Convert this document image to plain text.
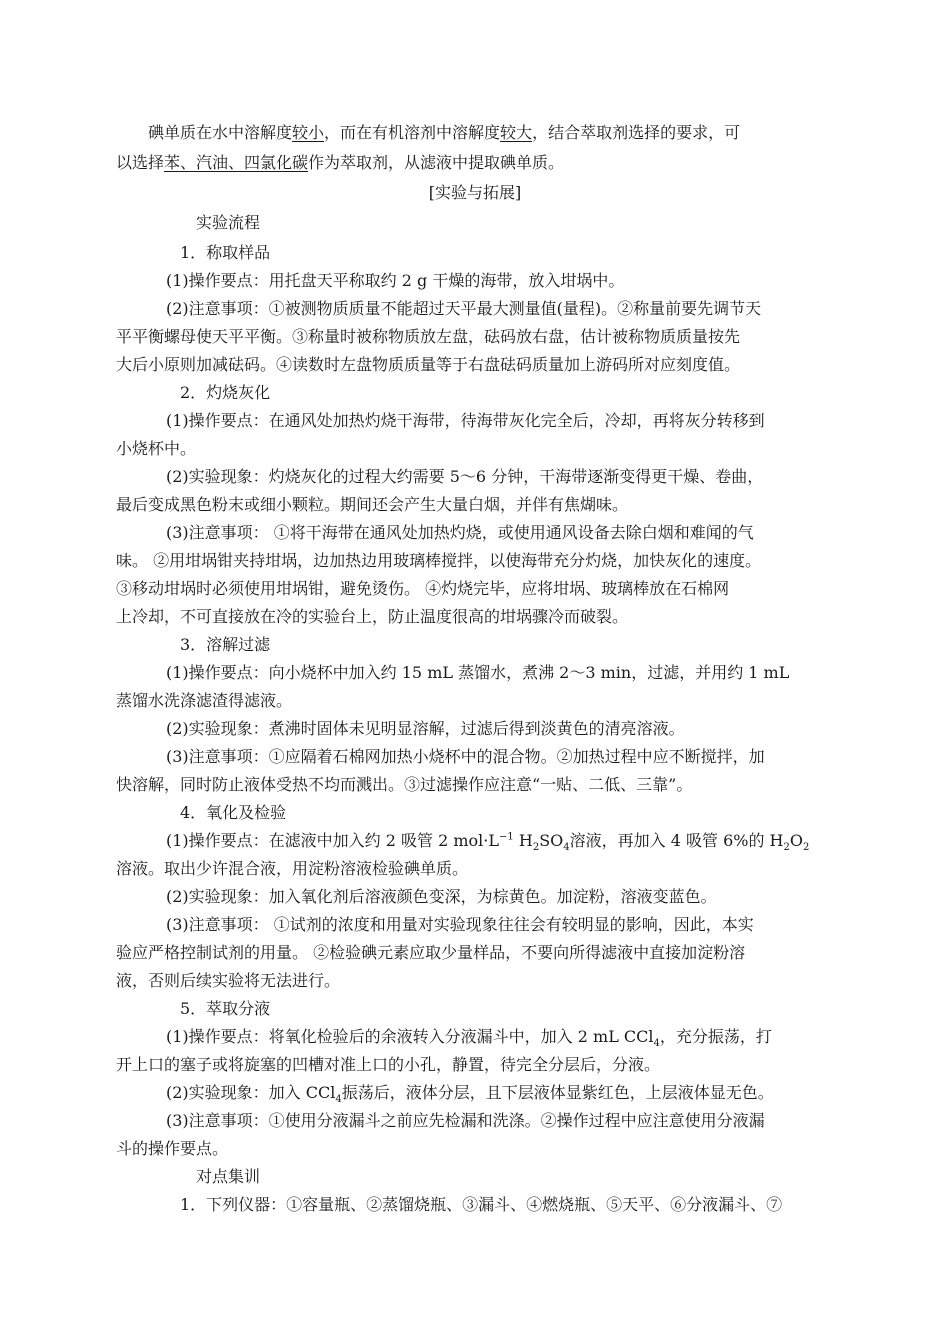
碘单质在水中溶解度较小，而在有机溶剂中溶解度较大，结合萃取剂选择的要求，可
以选择苯、汽油、四氯化碳作为萃取剂，从滤液中提取碘单质。
[实验与拓展]
实验流程
1．称取样品
(1)操作要点：用托盘天平称取约 2 g 干燥的海带，放入坩埚中。
(2)注意事项：①被测物质质量不能超过天平最大测量值(量程)。②称量前要先调节天
平平衡螺母使天平平衡。③称量时被称物质放左盘，砝码放右盘，估计被称物质质量按先
大后小原则加减砝码。④读数时左盘物质质量等于右盘砝码质量加上游码所对应刻度值。
2．灼烧灰化
(1)操作要点：在通风处加热灼烧干海带，待海带灰化完全后，冷却，再将灰分转移到
小烧杯中。
(2)实验现象：灼烧灰化的过程大约需要 5～6 分钟，干海带逐渐变得更干燥、卷曲，
最后变成黑色粉末或细小颗粒。期间还会产生大量白烟，并伴有焦煳味。
(3)注意事项： ①将干海带在通风处加热灼烧，或使用通风设备去除白烟和难闻的气
味。 ②用坩埚钳夹持坩埚，边加热边用玻璃棒搅拌，以使海带充分灼烧，加快灰化的速度。
③移动坩埚时必须使用坩埚钳，避免烫伤。 ④灼烧完毕，应将坩埚、玻璃棒放在石棉网
上冷却，不可直接放在冷的实验台上，防止温度很高的坩埚骤冷而破裂。
3．溶解过滤
(1)操作要点：向小烧杯中加入约 15 mL 蒸馏水，煮沸 2～3 min，过滤，并用约 1 mL
蒸馏水洗涤滤渣得滤液。
(2)实验现象：煮沸时固体未见明显溶解，过滤后得到淡黄色的清亮溶液。
(3)注意事项：①应隔着石棉网加热小烧杯中的混合物。②加热过程中应不断搅拌，加
快溶解，同时防止液体受热不均而溅出。③过滤操作应注意“一贴、二低、三靠”。
4．氧化及检验
(1)操作要点：在滤液中加入约 2 吸管 2 $mol\cdot L^{-1}$ $H_2SO_4$溶液，再加入 4 吸管 6%的 $H_2O_2$
溶液。取出少许混合液，用淀粉溶液检验碘单质。
(2)实验现象：加入氧化剂后溶液颜色变深，为棕黄色。加淀粉，溶液变蓝色。
(3)注意事项： ①试剂的浓度和用量对实验现象往往会有较明显的影响，因此，本实
验应严格控制试剂的用量。 ②检验碘元素应取少量样品，不要向所得滤液中直接加淀粉溶
液，否则后续实验将无法进行。
5．萃取分液
(1)操作要点：将氧化检验后的余液转入分液漏斗中，加入 2 mL CCl$_4$，充分振荡，打
开上口的塞子或将旋塞的凹槽对准上口的小孔，静置，待完全分层后，分液。
(2)实验现象：加入 CCl$_4$振荡后，液体分层，且下层液体显紫红色，上层液体显无色。
(3)注意事项：①使用分液漏斗之前应先检漏和洗涤。②操作过程中应注意使用分液漏
斗的操作要点。
对点集训
1．下列仪器：①容量瓶、②蒸馏烧瓶、③漏斗、④燃烧瓶、⑤天平、⑥分液漏斗、⑦
